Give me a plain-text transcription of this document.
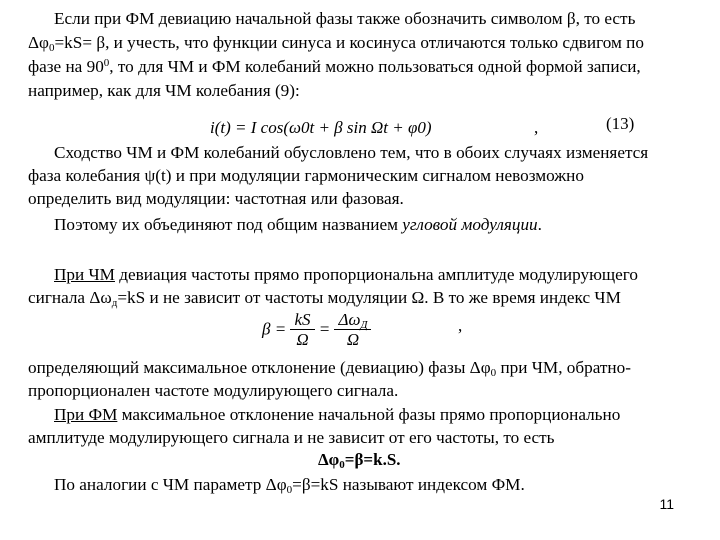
Если при ФМ девиацию начальной фазы также обозначить символом β, то есть
$\Delta\varphi_0=kS= \beta$, и учесть, что функции синуса и косинуса отличаются только сдвигом по
фазе на $90^0$, то для ЧМ и ФМ колебаний можно пользоваться одной формой записи,
например, как для ЧМ колебания (9):
i(t) = I cos(ω0t + β sin Ωt + φ0)	,	(13)
Сходство ЧМ и ФМ колебаний обусловлено тем, что в обоих случаях изменяется
фаза колебания ψ(t) и при модуляции гармоническим сигналом невозможно
определить вид модуляции: частотная или фазовая.
Поэтому их объединяют под общим названием угловой модуляции.
При ЧМ девиация частоты прямо пропорциональна амплитуде модулирующего
сигнала $\Delta\omega_д=kS$ и не зависит от частоты модуляции Ω. В то же время индекс ЧМ
$\beta = \frac{kS}{\Omega} = \frac{\Delta\omega_Д}{\Omega}$	,
определяющий максимальное отклонение (девиацию) фазы $\Delta\varphi_0$ при ЧМ, обратно-
пропорционален частоте модулирующего сигнала.
При ФМ максимальное отклонение начальной фазы прямо пропорционально
амплитуде модулирующего сигнала и не зависит от его частоты, то есть
$\Delta\varphi_0=\beta=k.S$.
По аналогии с ЧМ параметр $\Delta\varphi_0=\beta=kS$ называют индексом ФМ.
11
